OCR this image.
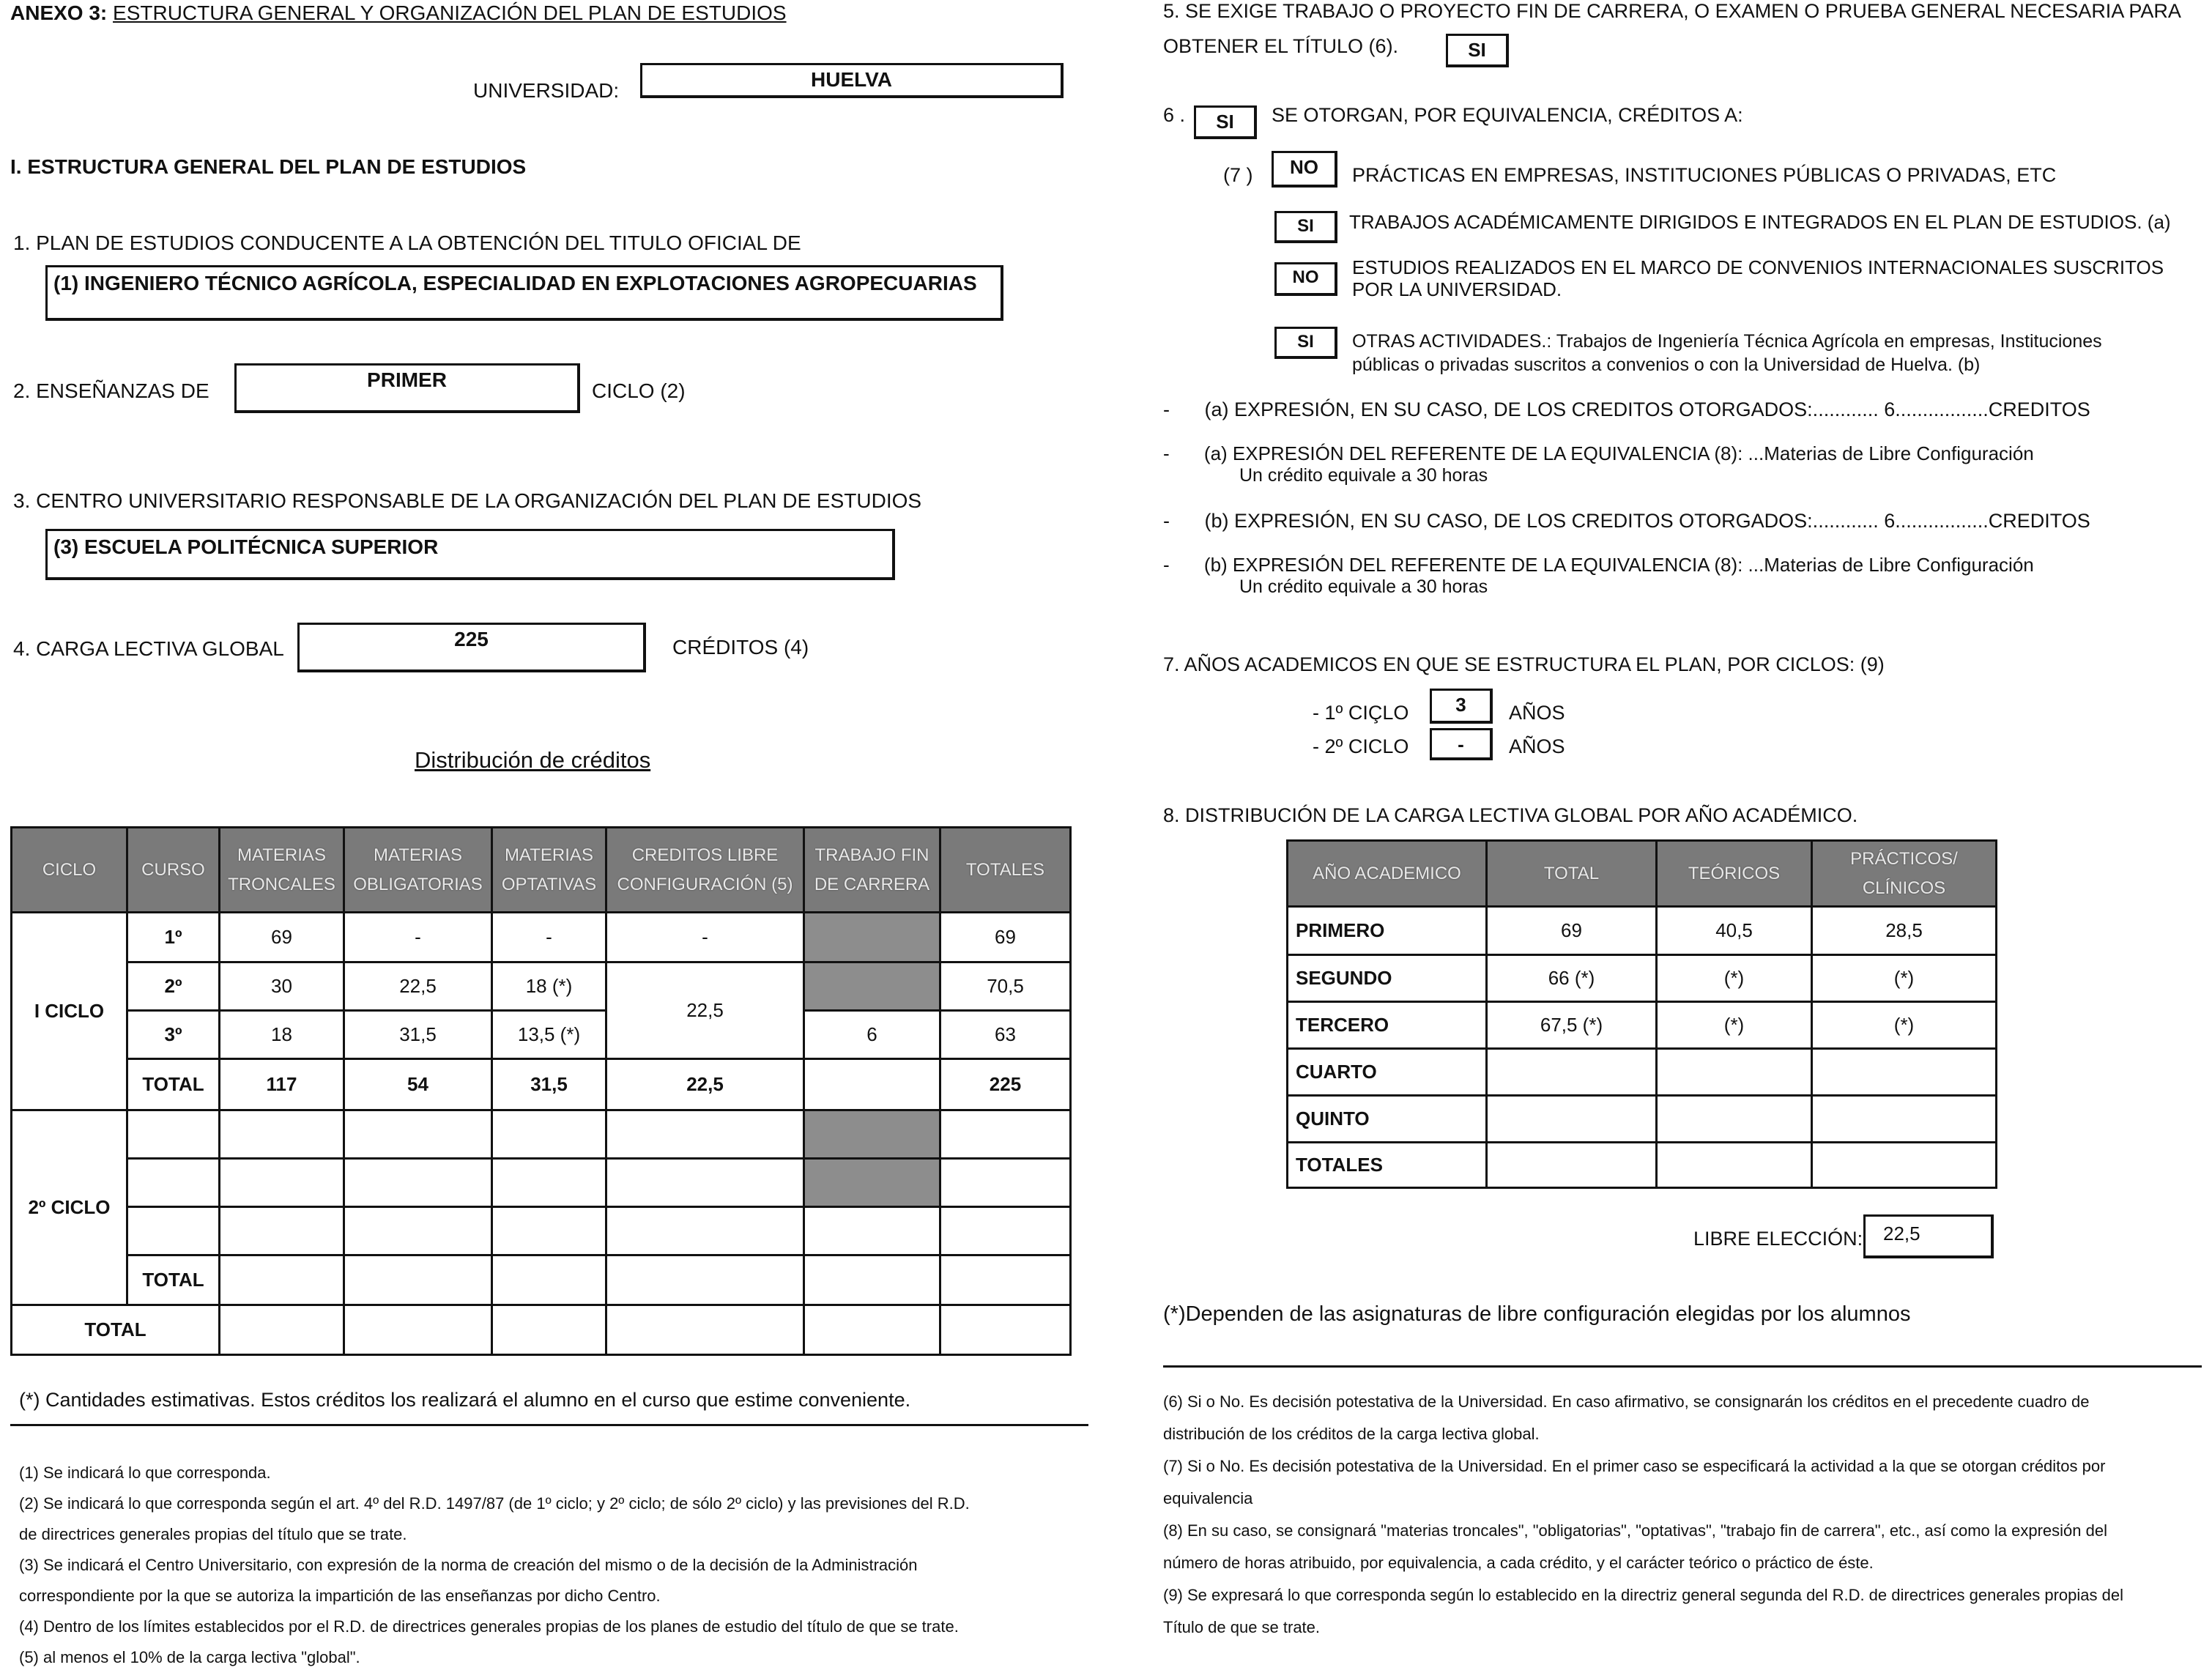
ANEXO 3: ESTRUCTURA GENERAL Y ORGANIZACIÓN DEL PLAN DE ESTUDIOS
UNIVERSIDAD:	HUELVA
I. ESTRUCTURA GENERAL DEL PLAN DE ESTUDIOS
1. PLAN DE ESTUDIOS CONDUCENTE A LA OBTENCIÓN DEL TITULO OFICIAL DE
(1) INGENIERO TÉCNICO AGRÍCOLA, ESPECIALIDAD EN EXPLOTACIONES AGROPECUARIAS
2. ENSEÑANZAS DE	PRIMER	CICLO (2)
3. CENTRO UNIVERSITARIO RESPONSABLE DE LA ORGANIZACIÓN DEL PLAN DE ESTUDIOS
(3) ESCUELA POLITÉCNICA SUPERIOR
4. CARGA LECTIVA GLOBAL	225	CRÉDITOS (4)
Distribución de créditos
CICLO	CURSO	MATERIAS TRONCALES	MATERIAS OBLIGATORIAS	MATERIAS OPTATIVAS	CREDITOS LIBRE CONFIGURACIÓN (5)	TRABAJO FIN DE CARRERA	TOTALES
I CICLO	1º	69	-	-	-		69
	2º	30	22,5	18 (*)	22,5		70,5
	3º	18	31,5	13,5 (*)		6	63
	TOTAL	117	54	31,5	22,5		225
2º CICLO							

	TOTAL						
TOTAL							
(*) Cantidades estimativas. Estos créditos los realizará el alumno en el curso que estime conveniente.
(1) Se indicará lo que corresponda.
(2) Se indicará lo que corresponda según el art. 4º del R.D. 1497/87 (de 1º ciclo; y 2º ciclo; de sólo 2º ciclo) y las previsiones del R.D.
de directrices generales propias del título que se trate.
(3) Se indicará el Centro Universitario, con expresión de la norma de creación del mismo o de la decisión de la Administración
correspondiente por la que se autoriza la impartición de las enseñanzas por dicho Centro.
(4) Dentro de los límites establecidos por el R.D. de directrices generales propias de los planes de estudio del título de que se trate.
(5) al menos el 10% de la carga lectiva "global".
5. SE EXIGE TRABAJO O PROYECTO FIN DE CARRERA, O EXAMEN O PRUEBA GENERAL NECESARIA PARA
OBTENER EL TÍTULO (6).	SI
6 .	SI	SE OTORGAN, POR EQUIVALENCIA, CRÉDITOS A:
(7 )	NO	PRÁCTICAS EN EMPRESAS, INSTITUCIONES PÚBLICAS O PRIVADAS, ETC
SI	TRABAJOS ACADÉMICAMENTE DIRIGIDOS E INTEGRADOS EN EL PLAN DE ESTUDIOS. (a)
NO	ESTUDIOS REALIZADOS EN EL MARCO DE CONVENIOS INTERNACIONALES SUSCRITOS
POR LA UNIVERSIDAD.
SI	OTRAS ACTIVIDADES.: Trabajos de Ingeniería Técnica Agrícola en empresas, Instituciones
públicas o privadas suscritos a convenios o con la Universidad de Huelva. (b)
- (a) EXPRESIÓN, EN SU CASO, DE LOS CREDITOS OTORGADOS:............ 6.................CREDITOS
- (a) EXPRESIÓN DEL REFERENTE DE LA EQUIVALENCIA (8): ...Materias de Libre Configuración
Un crédito equivale a 30 horas
- (b) EXPRESIÓN, EN SU CASO, DE LOS CREDITOS OTORGADOS:............ 6.................CREDITOS
- (b) EXPRESIÓN DEL REFERENTE DE LA EQUIVALENCIA (8): ...Materias de Libre Configuración
Un crédito equivale a 30 horas
7. AÑOS ACADEMICOS EN QUE SE ESTRUCTURA EL PLAN, POR CICLOS: (9)
- 1º CIÇLO	3	AÑOS
- 2º CICLO	-	AÑOS
8. DISTRIBUCIÓN DE LA CARGA LECTIVA GLOBAL POR AÑO ACADÉMICO.
AÑO ACADEMICO	TOTAL	TEÓRICOS	PRÁCTICOS/ CLÍNICOS
PRIMERO	69	40,5	28,5
SEGUNDO	66 (*)	(*)	(*)
TERCERO	67,5 (*)	(*)	(*)
CUARTO			
QUINTO			
TOTALES			
LIBRE ELECCIÓN:	22,5
(*)Dependen de las asignaturas de libre configuración elegidas por los alumnos
(6) Si o No. Es decisión potestativa de la Universidad. En caso afirmativo, se consignarán los créditos en el precedente cuadro de
distribución de los créditos de la carga lectiva global.
(7) Si o No. Es decisión potestativa de la Universidad. En el primer caso se especificará la actividad a la que se otorgan créditos por
equivalencia
(8) En su caso, se consignará "materias troncales", "obligatorias", "optativas", "trabajo fin de carrera", etc., así como la expresión del
número de horas atribuido, por equivalencia, a cada crédito, y el carácter teórico o práctico de éste.
(9) Se expresará lo que corresponda según lo establecido en la directriz general segunda del R.D. de directrices generales propias del
Título de que se trate.
